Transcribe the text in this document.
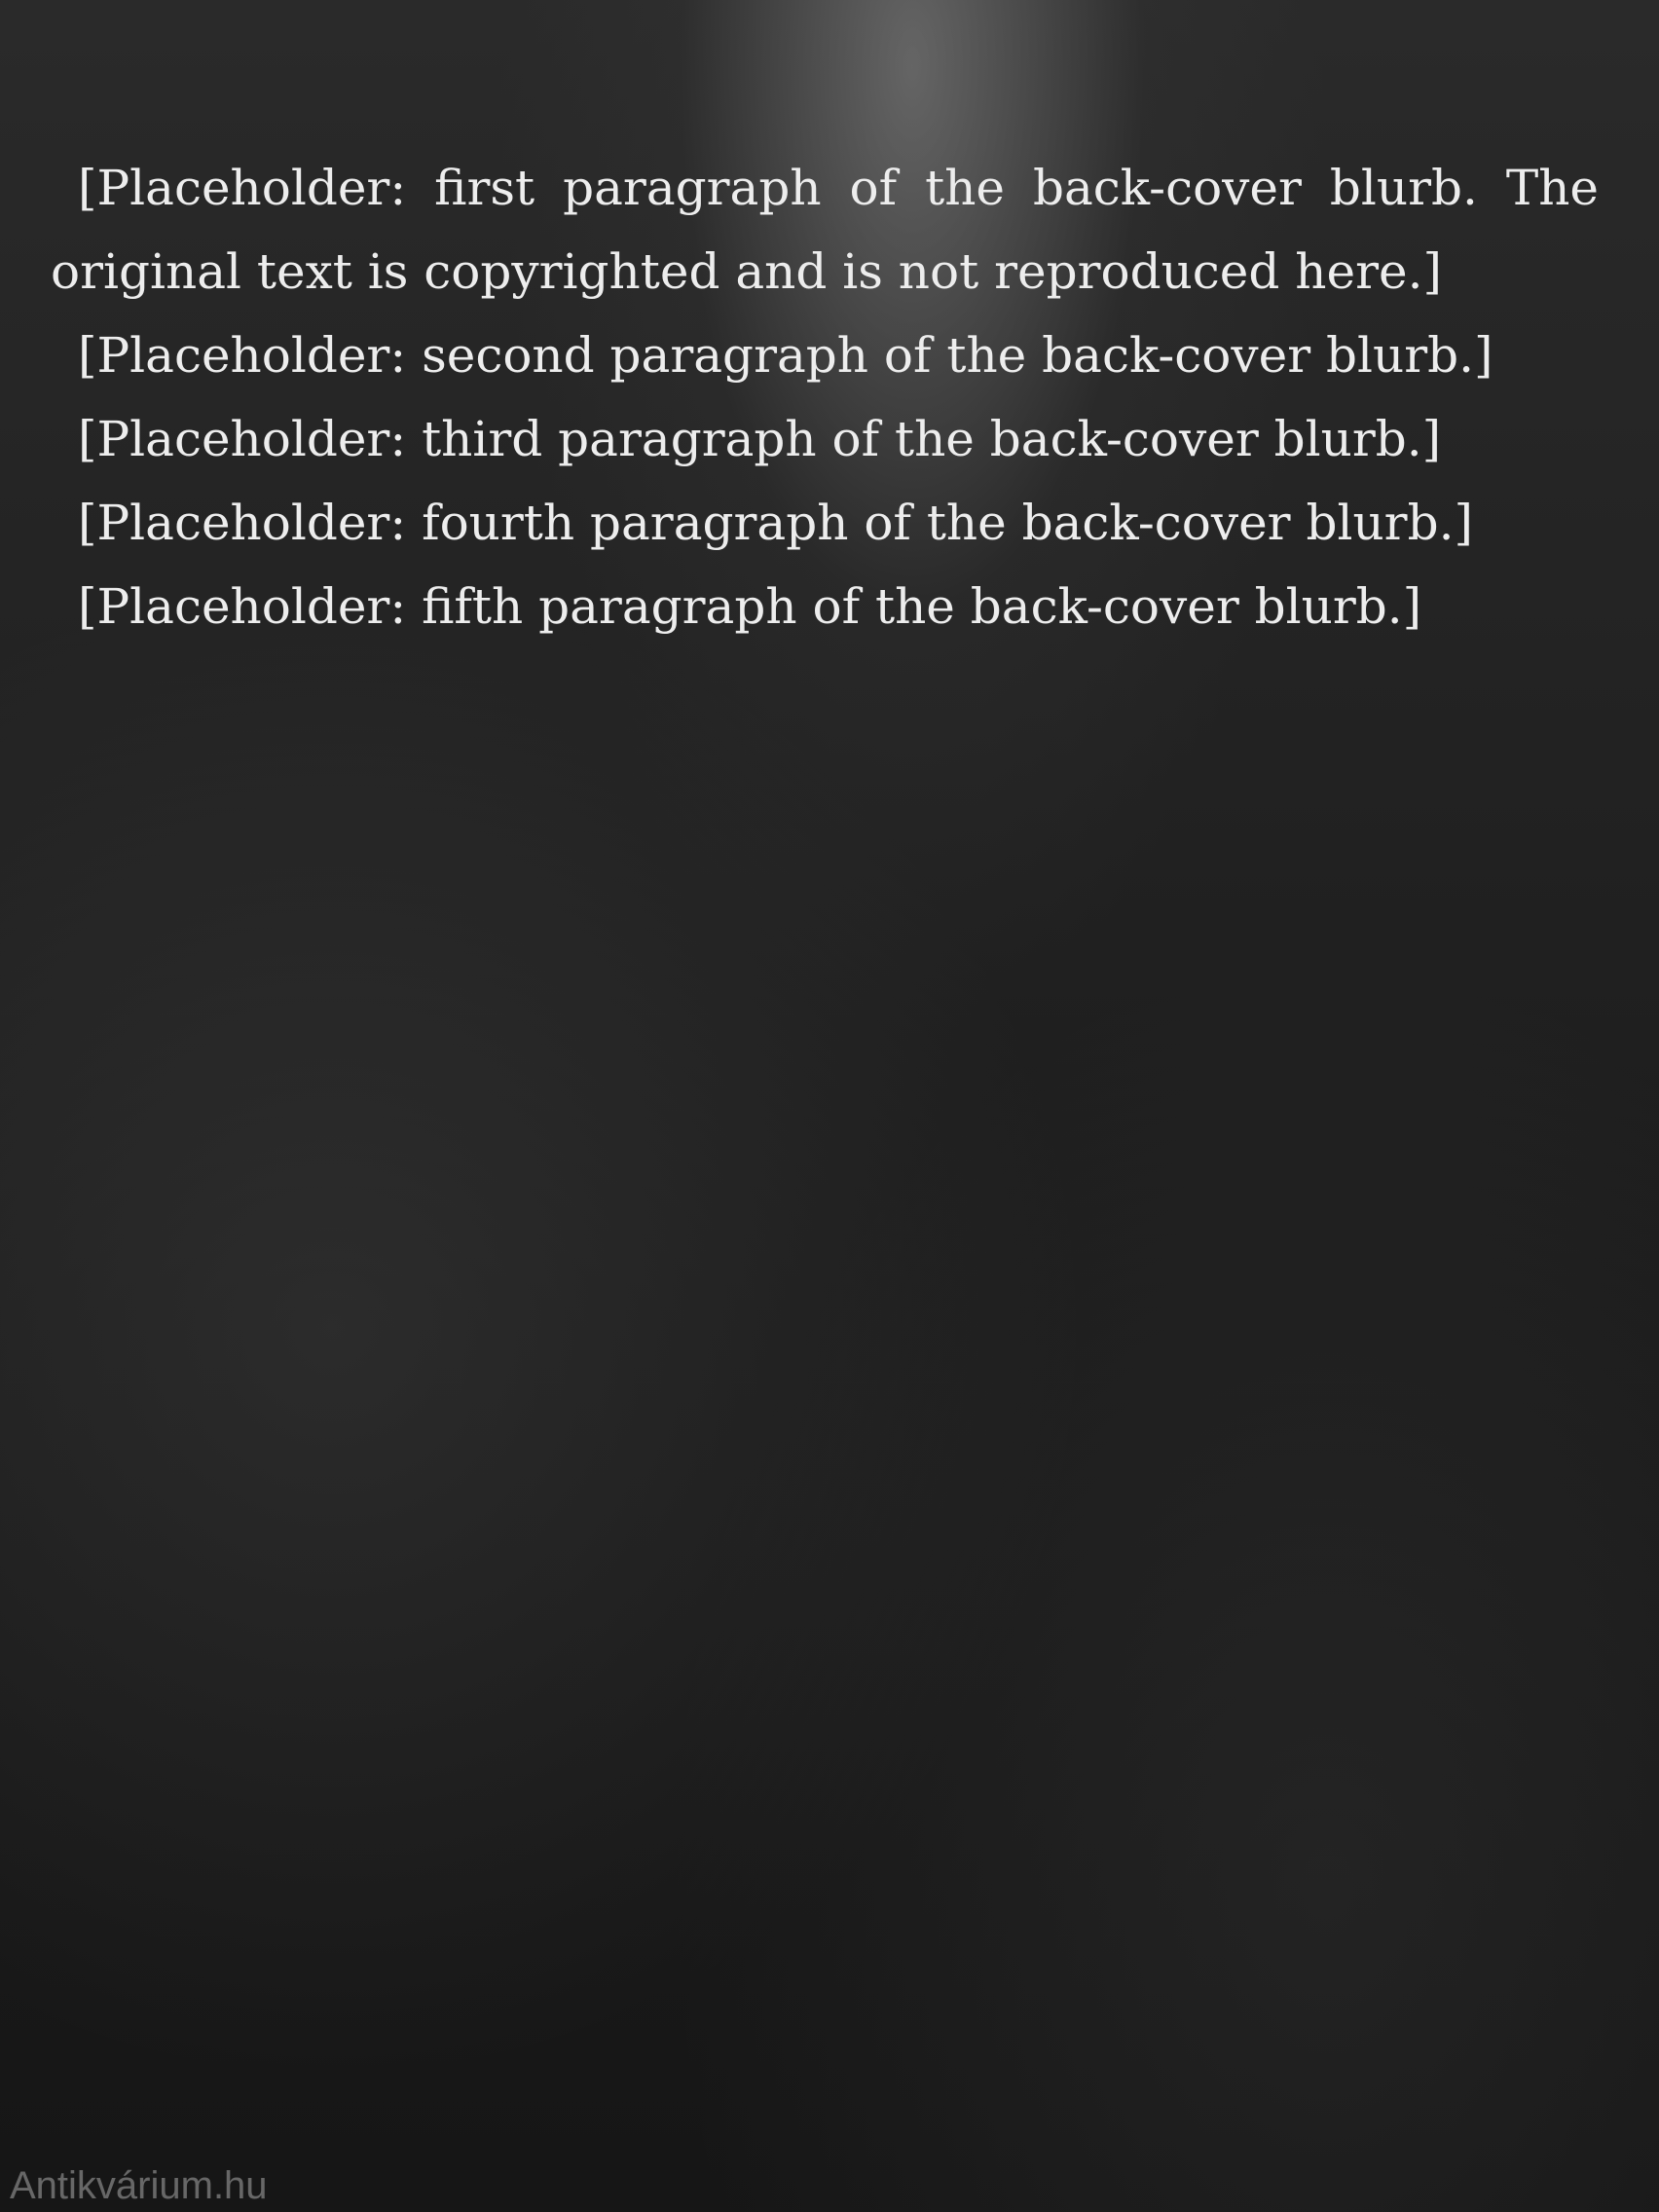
[Placeholder: first paragraph of the back-cover blurb. The original text is copyrighted and is not reproduced here.]

[Placeholder: second paragraph of the back-cover blurb.]

[Placeholder: third paragraph of the back-cover blurb.]

[Placeholder: fourth paragraph of the back-cover blurb.]

[Placeholder: fifth paragraph of the back-cover blurb.]

Antikvárium.hu
